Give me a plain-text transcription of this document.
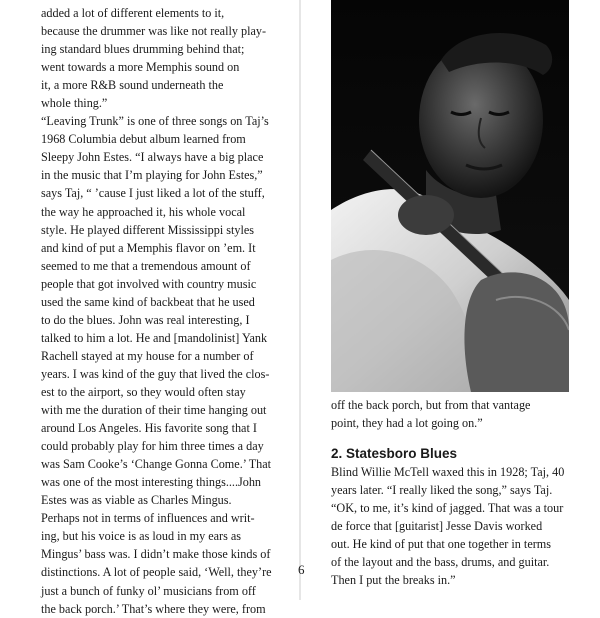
added a lot of different elements to it,
because the drummer was like not really play-
ing standard blues drumming behind that;
went towards a more Memphis sound on
it, a more R&B sound underneath the
whole thing.”
“Leaving Trunk” is one of three songs on Taj’s
1968 Columbia debut album learned from
Sleepy John Estes. “I always have a big place
in the music that I’m playing for John Estes,”
says Taj, “ ’cause I just liked a lot of the stuff,
the way he approached it, his whole vocal
style. He played different Mississippi styles
and kind of put a Memphis flavor on ’em. It
seemed to me that a tremendous amount of
people that got involved with country music
used the same kind of backbeat that he used
to do the blues. John was real interesting, I
talked to him a lot. He and [mandolinist] Yank
Rachell stayed at my house for a number of
years. I was kind of the guy that lived the clos-
est to the airport, so they would often stay
with me the duration of their time hanging out
around Los Angeles. His favorite song that I
could probably play for him three times a day
was Sam Cooke’s ‘Change Gonna Come.’ That
was one of the most interesting things....John
Estes was as viable as Charles Mingus.
Perhaps not in terms of influences and writ-
ing, but his voice is as loud in my ears as
Mingus’ bass was. I didn’t make those kinds of
distinctions. A lot of people said, ‘Well, they’re
just a bunch of funky ol’ musicians from off
the back porch.’ That’s where they were, from
6
off the back porch, but from that vantage
point, they had a lot going on.”
2. Statesboro Blues
Blind Willie McTell waxed this in 1928; Taj, 40
years later. “I really liked the song,” says Taj.
“OK, to me, it’s kind of jagged. That was a tour
de force that [guitarist] Jesse Davis worked
out. He kind of put that one together in terms
of the layout and the bass, drums, and guitar.
Then I put the breaks in.”
